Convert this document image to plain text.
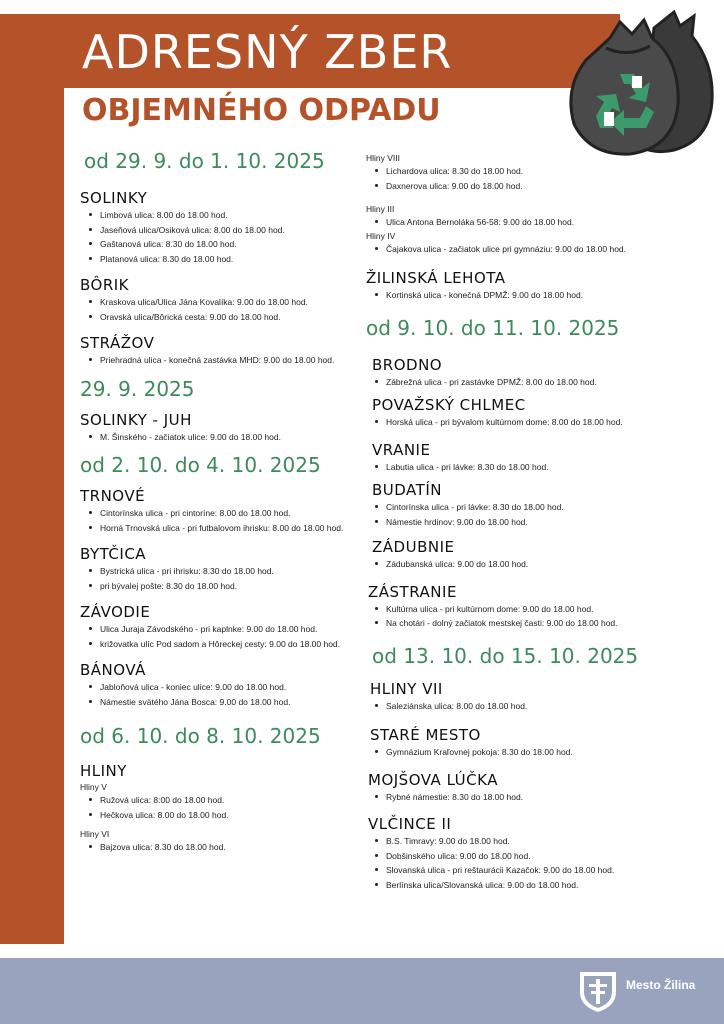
ADRESNÝ ZBER
OBJEMNÉHO ODPADU
od 29. 9. do 1. 10. 2025
SOLINKY
Limbová ulica: 8.00 do 18.00 hod.
Jaseňová ulica/Osiková ulica: 8.00 do 18.00 hod.
Gaštanová ulica: 8.30 do 18.00 hod.
Platanová ulica: 8.30 do 18.00 hod.
BÔRIK
Kraskova ulica/Ulica Jána Kovalíka: 9.00 do 18.00 hod.
Oravská ulica/Bôrická cesta: 9.00 do 18.00 hod.
STRÁŽOV
Priehradná ulica - konečná zastávka MHD: 9.00 do 18.00 hod.
29. 9. 2025
SOLINKY - JUH
M. Šinského - začiatok ulice: 9.00 do 18.00 hod.
od 2. 10. do 4. 10. 2025
TRNOVÉ
Cintorínska ulica - pri cintoríne: 8.00 do 18.00 hod.
Horná Trnovská ulica - pri futbalovom ihrisku: 8.00 do 18.00 hod.
BYTČICA
Bystrická ulica - pri ihrisku: 8.30 do 18.00 hod.
pri bývalej pošte: 8.30 do 18.00 hod.
ZÁVODIE
Ulica Juraja Závodského - pri kaplnke: 9.00 do 18.00 hod.
križovatka ulíc Pod sadom a Hôreckej cesty: 9.00 do 18.00 hod.
BÁNOVÁ
Jabloňová ulica - koniec ulice: 9.00 do 18.00 hod.
Námestie svätého Jána Bosca: 9.00 do 18.00 hod.
od 6. 10. do 8. 10. 2025
HLINY
Hliny V
Ružová ulica: 8:00 do 18.00 hod.
Hečkova ulica: 8.00 do 18.00 hod.
Hliny VI
Bajzova ulica: 8.30 do 18.00 hod.
Hliny VIII
Lichardova ulica: 8.30 do 18.00 hod.
Daxnerova ulica: 9.00 do 18.00 hod.
Hliny III
Ulica Antona Bernoláka 56-58: 9.00 do 18.00 hod.
Hliny IV
Čajakova ulica - začiatok ulice pri gymnáziu: 9.00 do 18.00 hod.
ŽILINSKÁ LEHOTA
Kortinská ulica - konečná DPMŽ: 9.00 do 18.00 hod.
od 9. 10. do 11. 10. 2025
BRODNO
Zábrežná ulica - pri zastávke DPMŽ: 8.00 do 18.00 hod.
POVAŽSKÝ CHLMEC
Horská ulica - pri bývalom kultúrnom dome: 8.00 do 18.00 hod.
VRANIE
Labutia ulica - pri lávke: 8.30 do 18.00 hod.
BUDATÍN
Cintorínska ulica - pri lávke: 8.30 do 18.00 hod.
Námestie hrdinov: 9.00 do 18.00 hod.
ZÁDUBNIE
Zádubanská ulica: 9.00 do 18.00 hod.
ZÁSTRANIE
Kultúrna ulica - pri kultúrnom dome: 9.00 do 18.00 hod.
Na chotári - dolný začiatok mestskej časti: 9.00 do 18.00 hod.
od 13. 10. do 15. 10. 2025
HLINY VII
Saleziánska ulica: 8.00 do 18.00 hod.
STARÉ MESTO
Gymnázium Kraľovnej pokoja: 8.30 do 18.00 hod.
MOJŠOVA LÚČKA
Rybné námestie: 8.30 do 18.00 hod.
VLČINCE II
B.S. Timravy: 9.00 do 18.00 hod.
Dobšinského ulica: 9.00 do 18.00 hod.
Slovanská ulica - pri reštaurácii Kazačok: 9.00 do 18.00 hod.
Berlínska ulica/Slovanská ulica: 9.00 do 18.00 hod.
Mesto Žilina
